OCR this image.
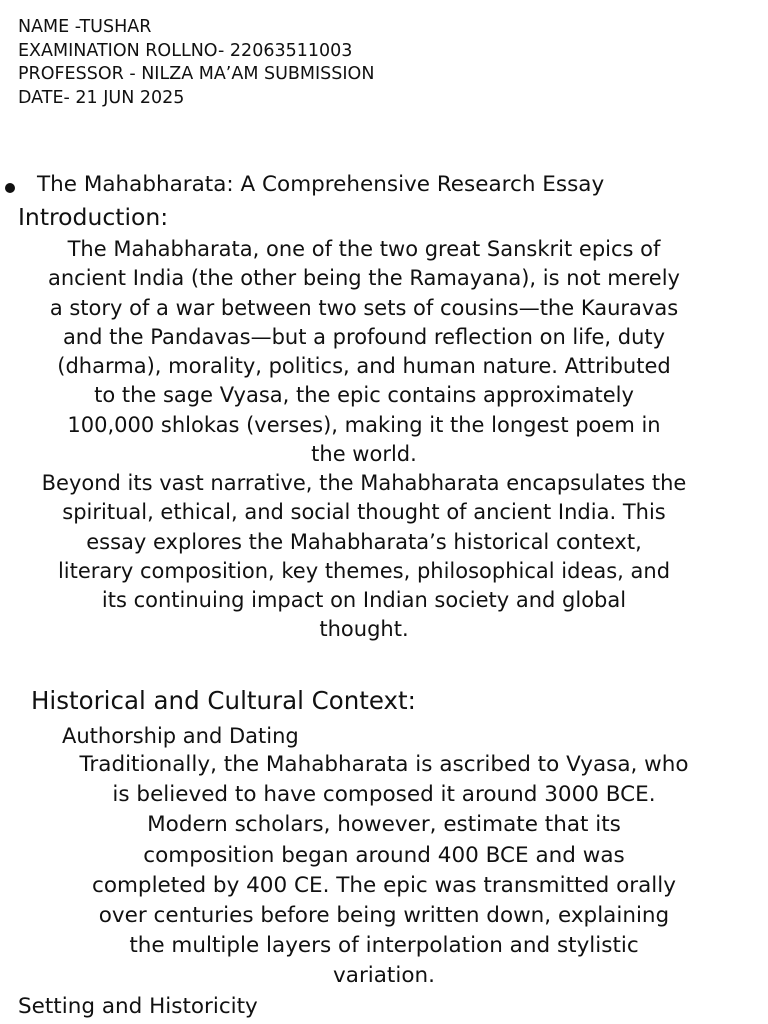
NAME -TUSHAR
EXAMINATION ROLLNO- 22063511003
PROFESSOR - NILZA MA’AM SUBMISSION
DATE- 21 JUN 2025
The Mahabharata: A Comprehensive Research Essay
Introduction:

The Mahabharata, one of the two great Sanskrit epics of
ancient India (the other being the Ramayana), is not merely
a story of a war between two sets of cousins—the Kauravas
and the Pandavas—but a profound reflection on life, duty
(dharma), morality, politics, and human nature. Attributed
to the sage Vyasa, the epic contains approximately
100,000 shlokas (verses), making it the longest poem in
the world.

Beyond its vast narrative, the Mahabharata encapsulates the
spiritual, ethical, and social thought of ancient India. This
essay explores the Mahabharata’s historical context,
literary composition, key themes, philosophical ideas, and
its continuing impact on Indian society and global
thought.

Historical and Cultural Context:
Authorship and Dating

Traditionally, the Mahabharata is ascribed to Vyasa, who
is believed to have composed it around 3000 BCE.
Modern scholars, however, estimate that its
composition began around 400 BCE and was
completed by 400 CE. The epic was transmitted orally
over centuries before being written down, explaining
the multiple layers of interpolation and stylistic
variation.

Setting and Historicity
